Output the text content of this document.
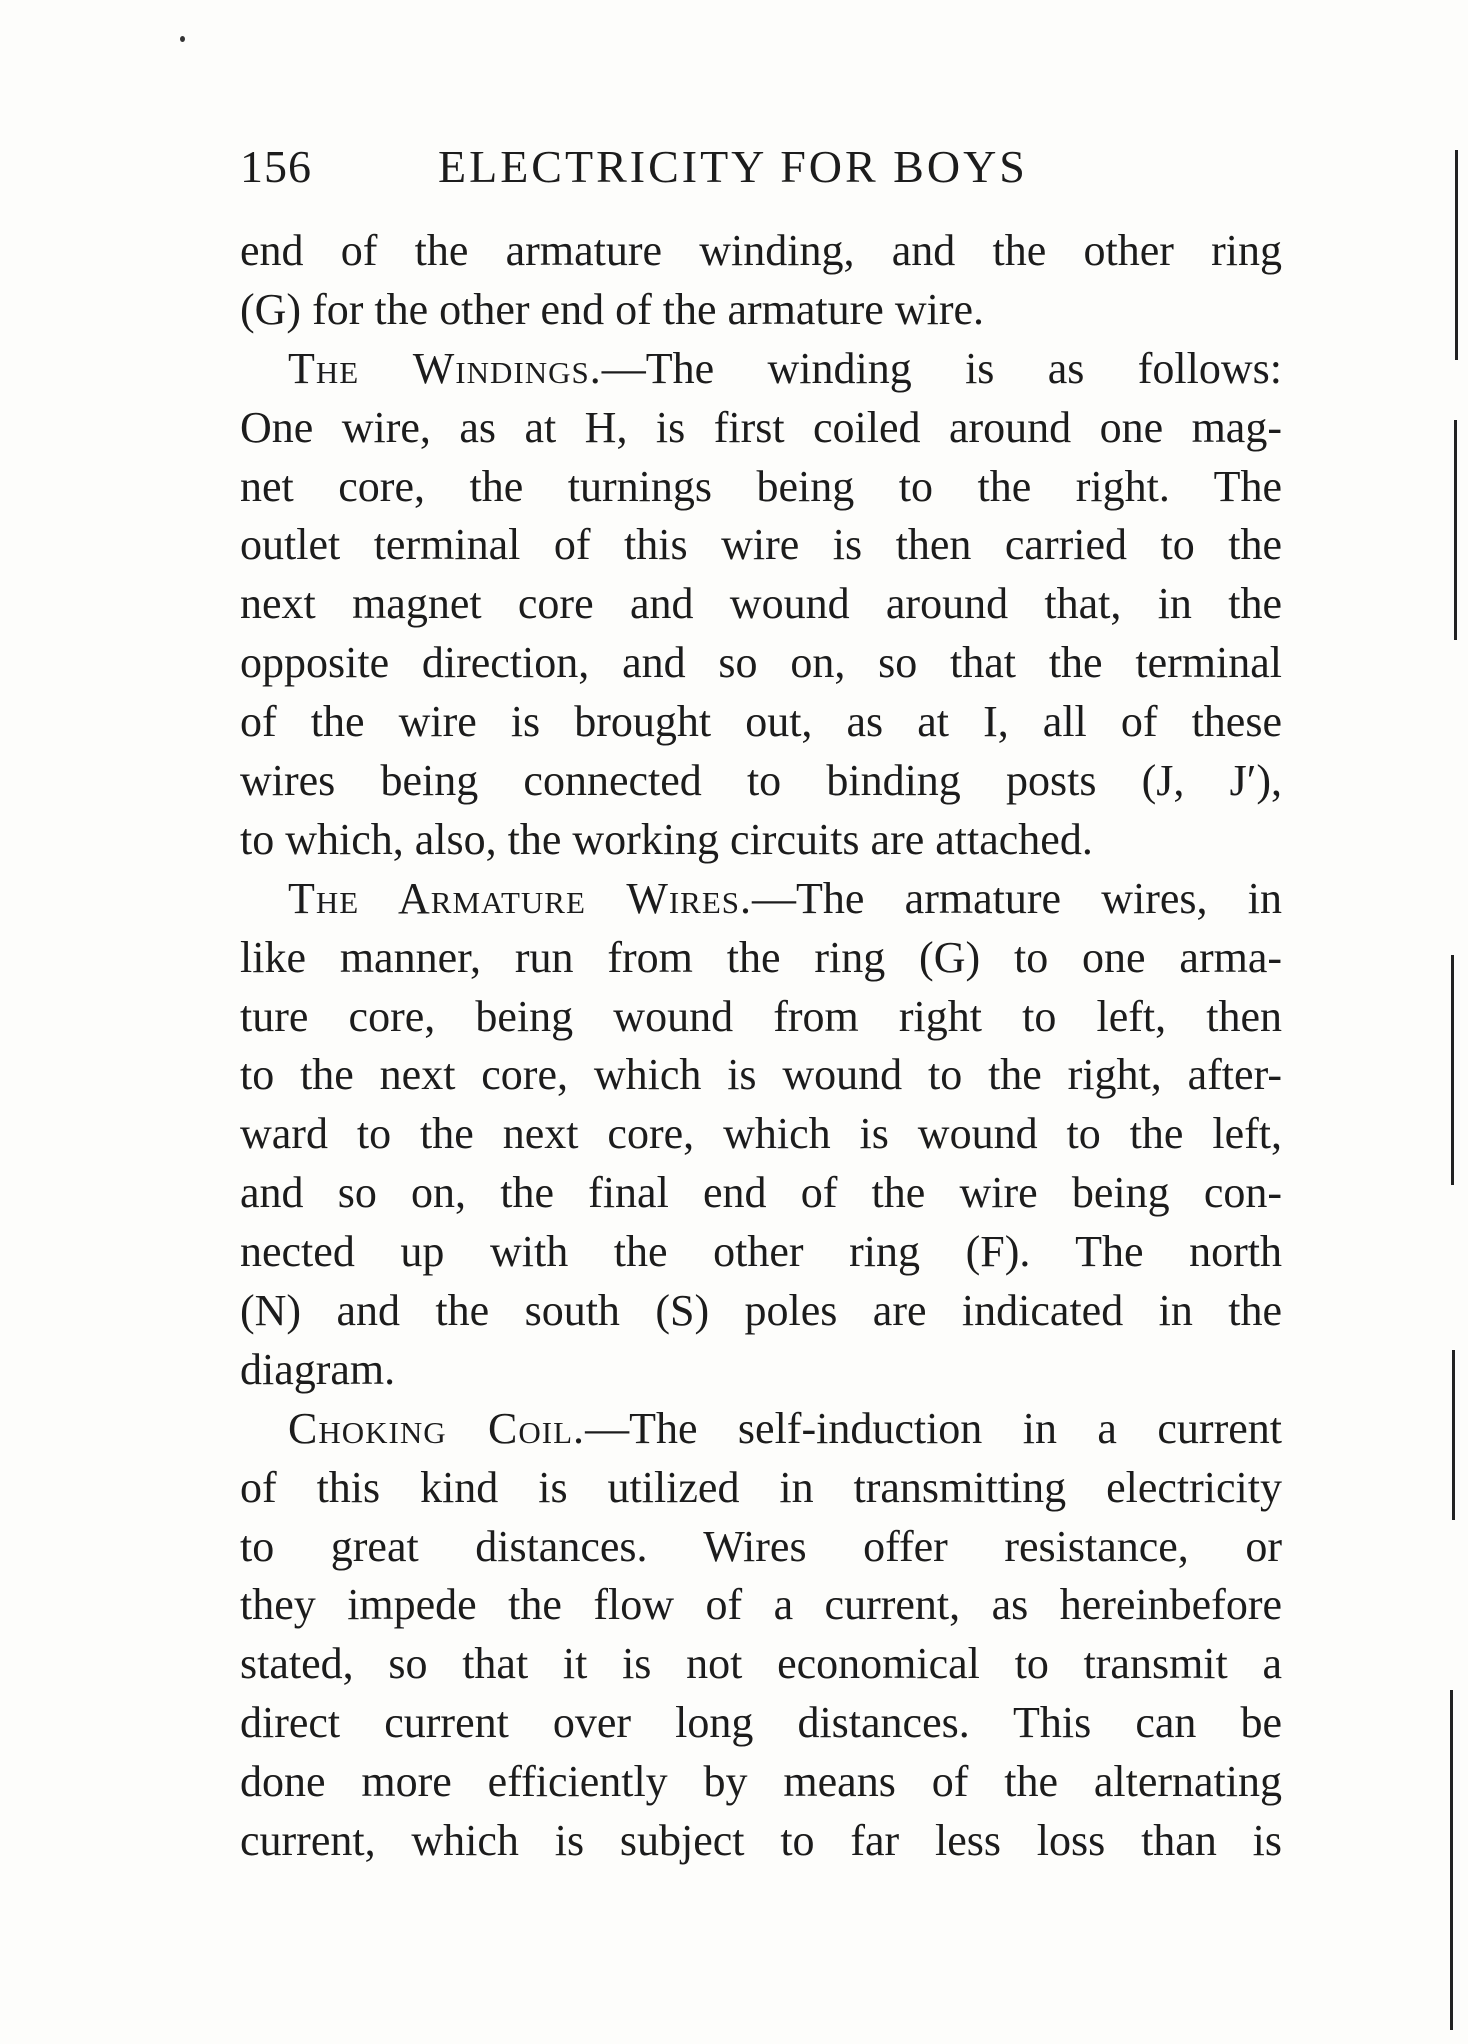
156	ELECTRICITY FOR BOYS
end of the armature winding, and the other ring
(G) for the other end of the armature wire.
The Windings.—The winding is as follows:
One wire, as at H, is first coiled around one mag-
net core, the turnings being to the right. The
outlet terminal of this wire is then carried to the
next magnet core and wound around that, in the
opposite direction, and so on, so that the terminal
of the wire is brought out, as at I, all of these
wires being connected to binding posts (J, J′),
to which, also, the working circuits are attached.
The Armature Wires.—The armature wires, in
like manner, run from the ring (G) to one arma-
ture core, being wound from right to left, then
to the next core, which is wound to the right, after-
ward to the next core, which is wound to the left,
and so on, the final end of the wire being con-
nected up with the other ring (F). The north
(N) and the south (S) poles are indicated in the
diagram.
Choking Coil.—The self-induction in a current
of this kind is utilized in transmitting electricity
to great distances. Wires offer resistance, or
they impede the flow of a current, as hereinbefore
stated, so that it is not economical to transmit a
direct current over long distances. This can be
done more efficiently by means of the alternating
current, which is subject to far less loss than is
